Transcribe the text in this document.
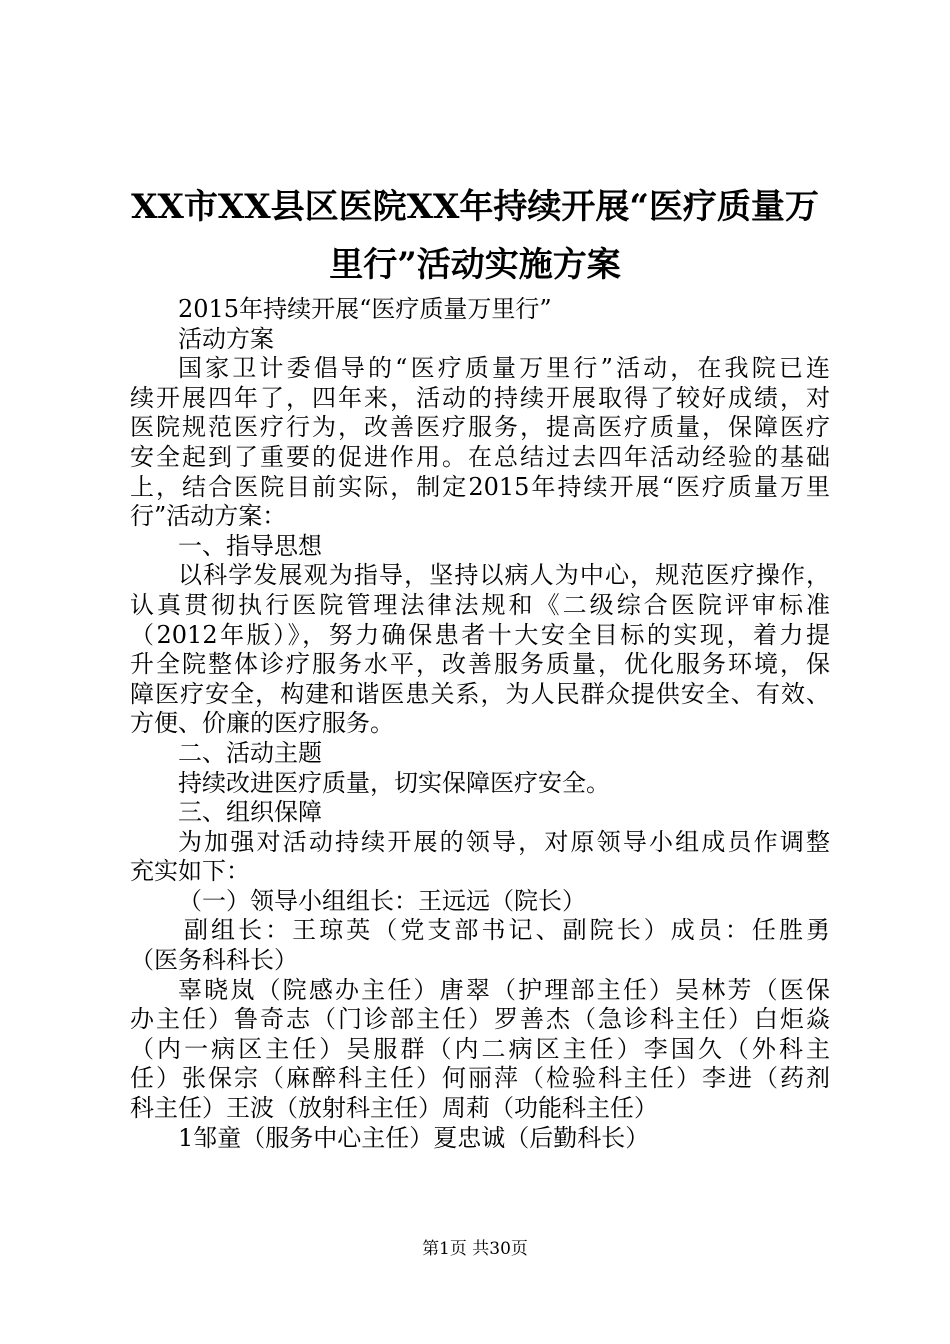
XX市XX县区医院XX年持续开展“医疗质量万
里行”活动实施方案

2015年持续开展“医疗质量万里行”

活动方案

国家卫计委倡导的“医疗质量万里行”活动，在我院已连

续开展四年了，四年来，活动的持续开展取得了较好成绩，对

医院规范医疗行为，改善医疗服务，提高医疗质量，保障医疗

安全起到了重要的促进作用。在总结过去四年活动经验的基础

上，结合医院目前实际，制定2015年持续开展“医疗质量万里

行”活动方案：

一、指导思想

以科学发展观为指导，坚持以病人为中心，规范医疗操作，

认真贯彻执行医院管理法律法规和《二级综合医院评审标准

（2012年版）》，努力确保患者十大安全目标的实现，着力提

升全院整体诊疗服务水平，改善服务质量，优化服务环境，保

障医疗安全，构建和谐医患关系，为人民群众提供安全、有效、

方便、价廉的医疗服务。

二、活动主题

持续改进医疗质量，切实保障医疗安全。

三、组织保障

为加强对活动持续开展的领导，对原领导小组成员作调整

充实如下：

（一）领导小组组长：王远远（院长）

副组长：王琼英（党支部书记、副院长）成员：任胜勇

（医务科科长）

辜晓岚（院感办主任）唐翠（护理部主任）吴林芳（医保

办主任）鲁奇志（门诊部主任）罗善杰（急诊科主任）白炬焱

（内一病区主任）吴服群（内二病区主任）李国久（外科主

任）张保宗（麻醉科主任）何丽萍（检验科主任）李进（药剂

科主任）王波（放射科主任）周莉（功能科主任）

1邹童（服务中心主任）夏忠诚（后勤科长）

第1页 共30页
